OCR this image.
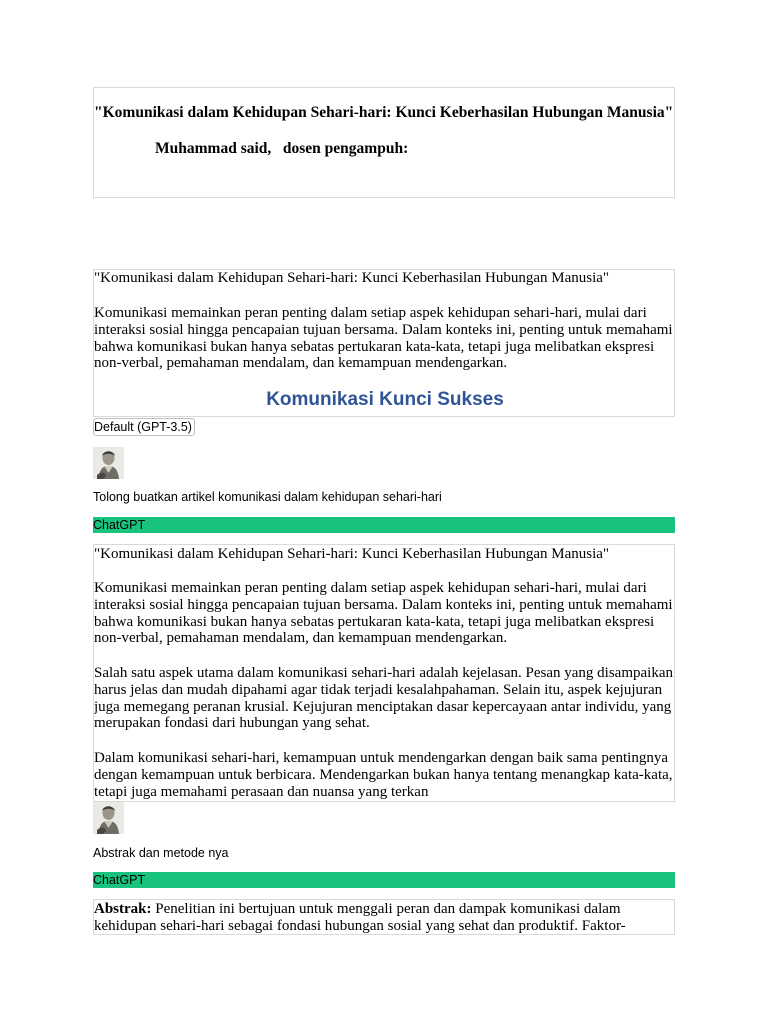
"Komunikasi dalam Kehidupan Sehari-hari: Kunci Keberhasilan Hubungan Manusia"
Muhammad said,   dosen pengampuh:
"Komunikasi dalam Kehidupan Sehari-hari: Kunci Keberhasilan Hubungan Manusia"
Komunikasi memainkan peran penting dalam setiap aspek kehidupan sehari-hari, mulai dari interaksi sosial hingga pencapaian tujuan bersama. Dalam konteks ini, penting untuk memahami bahwa komunikasi bukan hanya sebatas pertukaran kata-kata, tetapi juga melibatkan ekspresi non-verbal, pemahaman mendalam, dan kemampuan mendengarkan.
Komunikasi Kunci Sukses
Default (GPT-3.5)
Tolong buatkan artikel komunikasi dalam kehidupan sehari-hari
ChatGPT
"Komunikasi dalam Kehidupan Sehari-hari: Kunci Keberhasilan Hubungan Manusia"
Komunikasi memainkan peran penting dalam setiap aspek kehidupan sehari-hari, mulai dari interaksi sosial hingga pencapaian tujuan bersama. Dalam konteks ini, penting untuk memahami bahwa komunikasi bukan hanya sebatas pertukaran kata-kata, tetapi juga melibatkan ekspresi non-verbal, pemahaman mendalam, dan kemampuan mendengarkan.
Salah satu aspek utama dalam komunikasi sehari-hari adalah kejelasan. Pesan yang disampaikan harus jelas dan mudah dipahami agar tidak terjadi kesalahpahaman. Selain itu, aspek kejujuran juga memegang peranan krusial. Kejujuran menciptakan dasar kepercayaan antar individu, yang merupakan fondasi dari hubungan yang sehat.
Dalam komunikasi sehari-hari, kemampuan untuk mendengarkan dengan baik sama pentingnya dengan kemampuan untuk berbicara. Mendengarkan bukan hanya tentang menangkap kata-kata, tetapi juga memahami perasaan dan nuansa yang terkan
Abstrak dan metode nya
ChatGPT
Abstrak: Penelitian ini bertujuan untuk menggali peran dan dampak komunikasi dalam kehidupan sehari-hari sebagai fondasi hubungan sosial yang sehat dan produktif. Faktor-
